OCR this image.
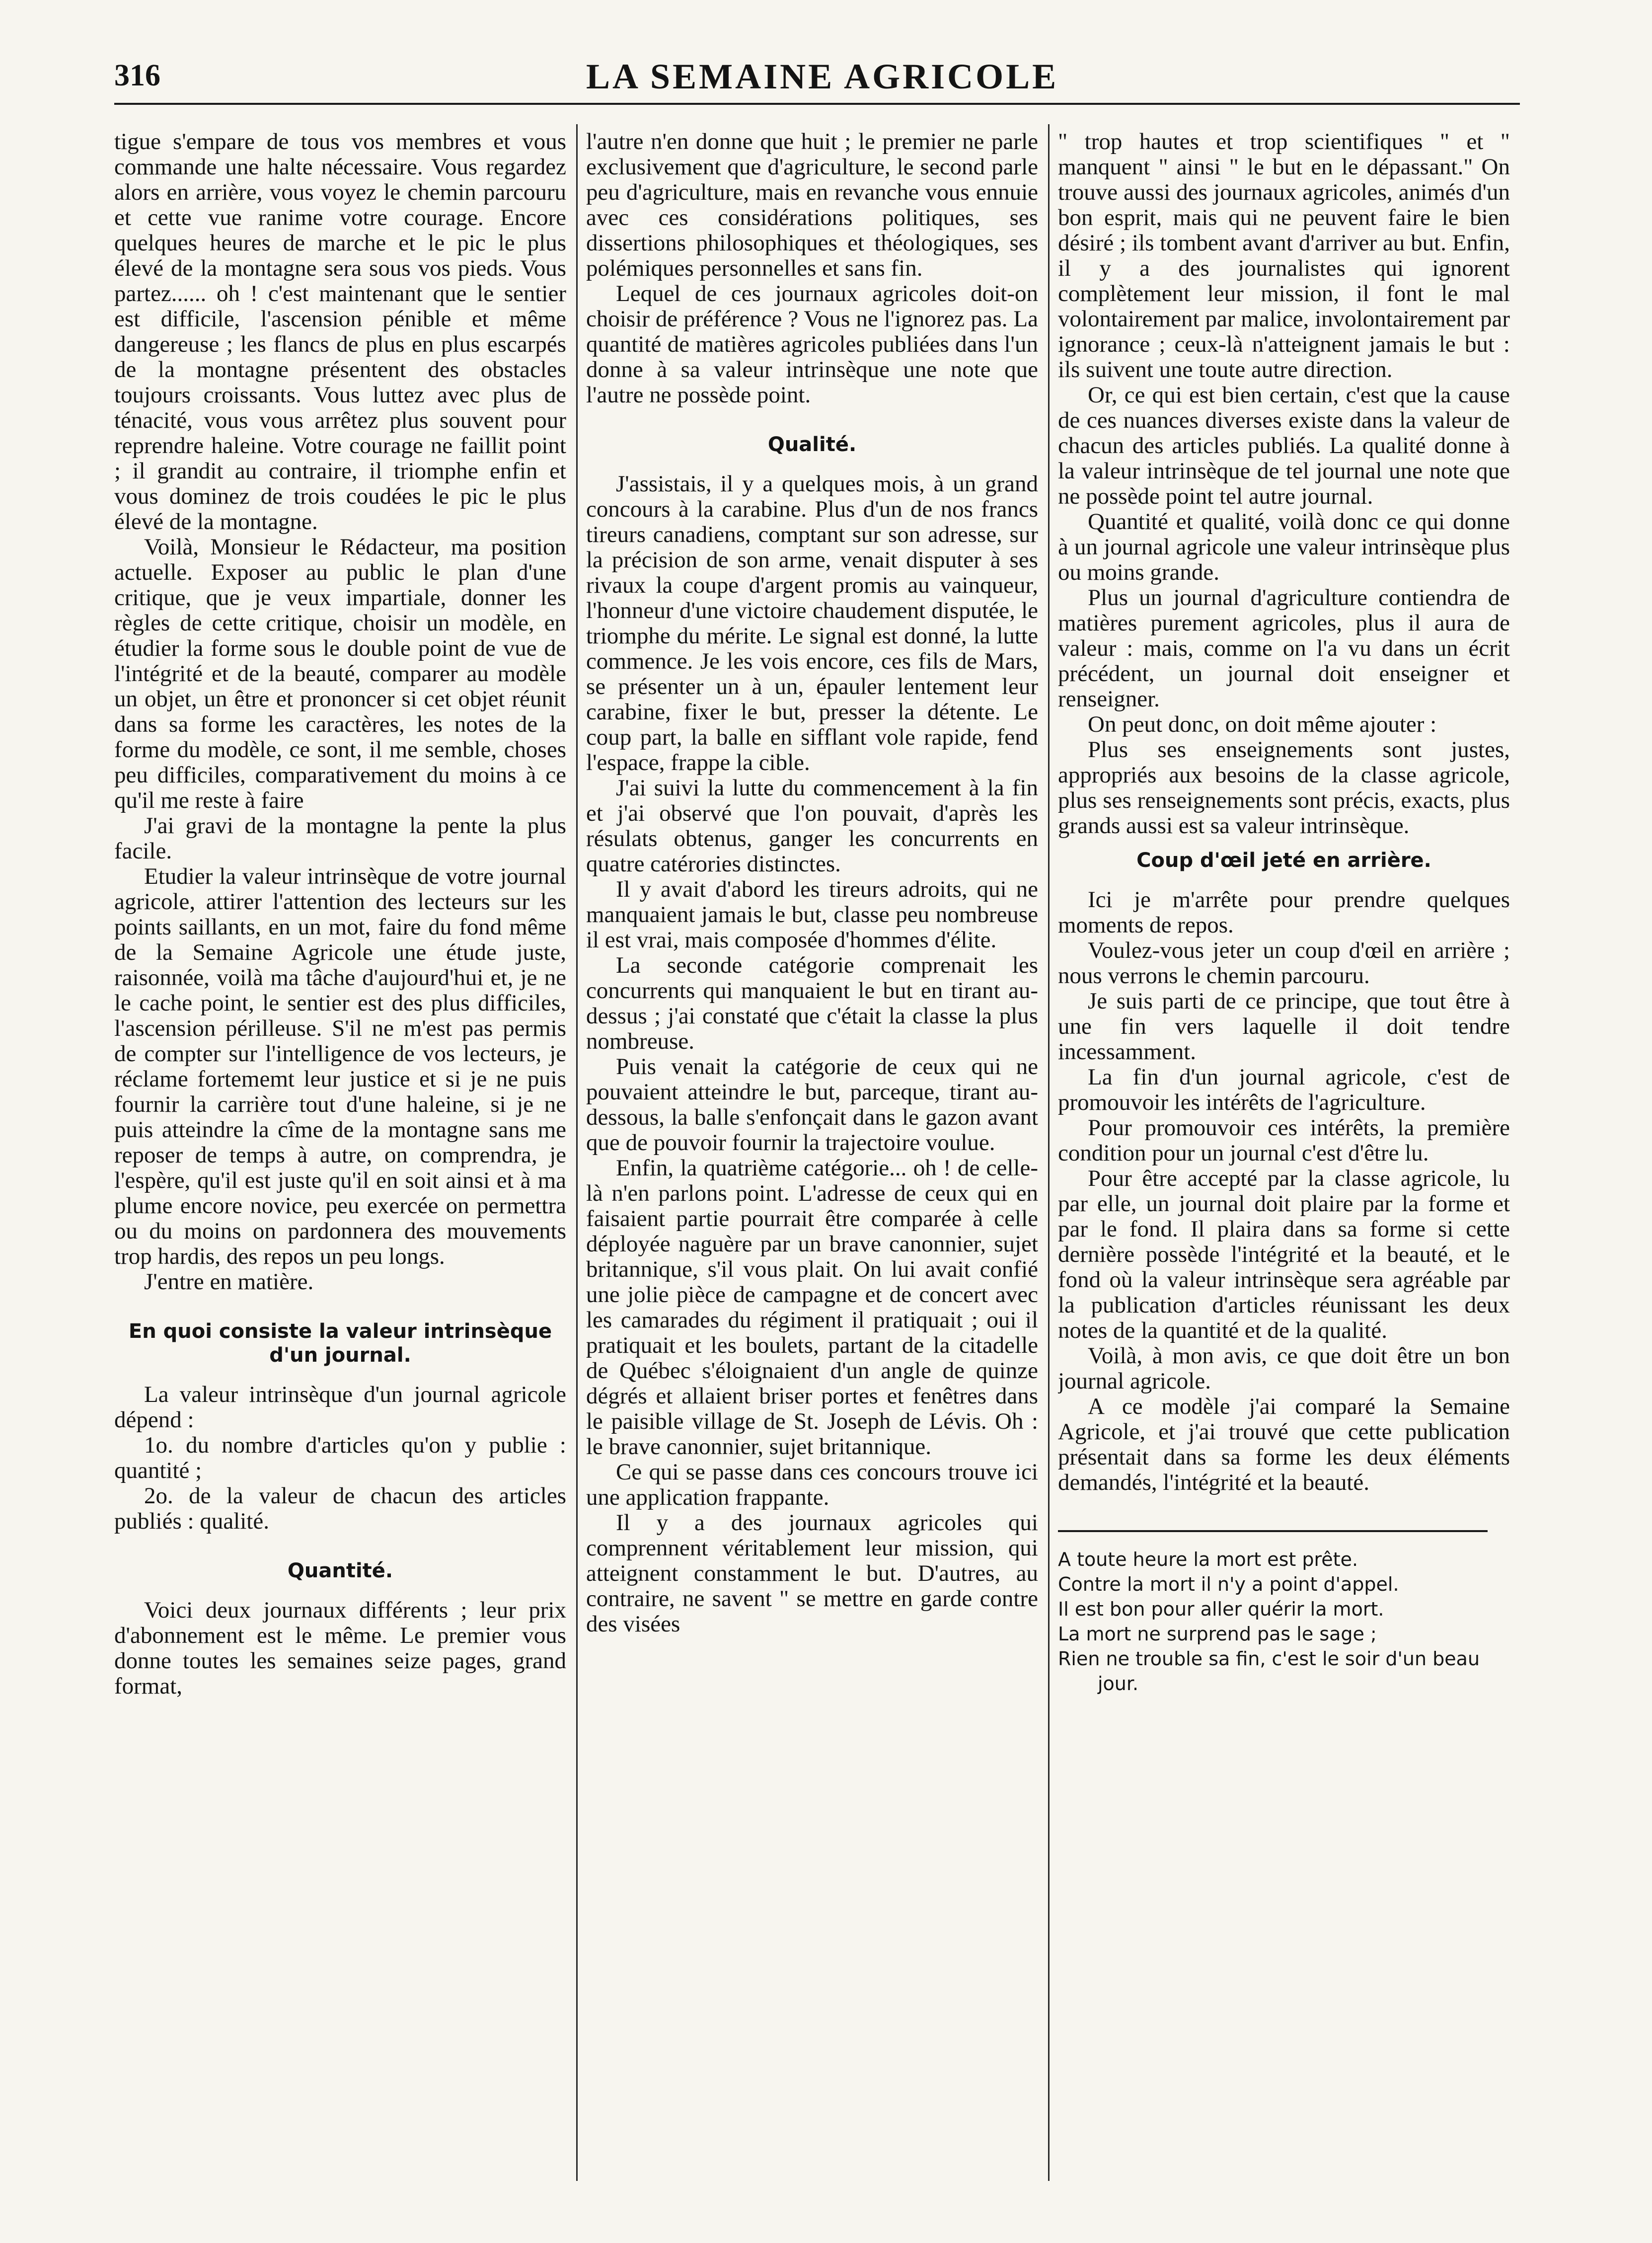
316	LA SEMAINE AGRICOLE

tigue s'empare de tous vos membres et vous commande une halte nécessaire. Vous regardez alors en arrière, vous voyez le chemin parcouru et cette vue ranime votre courage. Encore quelques heures de marche et le pic le plus élevé de la montagne sera sous vos pieds. Vous partez...... oh ! c'est maintenant que le sentier est difficile, l'ascension pénible et même dangereuse ; les flancs de plus en plus escarpés de la montagne présentent des obstacles toujours croissants. Vous luttez avec plus de ténacité, vous vous arrêtez plus souvent pour reprendre haleine. Votre courage ne faillit point ; il grandit au contraire, il triomphe enfin et vous dominez de trois coudées le pic le plus élevé de la montagne.

Voilà, Monsieur le Rédacteur, ma position actuelle. Exposer au public le plan d'une critique, que je veux impartiale, donner les règles de cette critique, choisir un modèle, en étudier la forme sous le double point de vue de l'intégrité et de la beauté, comparer au modèle un objet, un être et prononcer si cet objet réunit dans sa forme les caractères, les notes de la forme du modèle, ce sont, il me semble, choses peu difficiles, comparativement du moins à ce qu'il me reste à faire

J'ai gravi de la montagne la pente la plus facile.

Etudier la valeur intrinsèque de votre journal agricole, attirer l'attention des lecteurs sur les points saillants, en un mot, faire du fond même de la Semaine Agricole une étude juste, raisonnée, voilà ma tâche d'aujourd'hui et, je ne le cache point, le sentier est des plus difficiles, l'ascension périlleuse. S'il ne m'est pas permis de compter sur l'intelligence de vos lecteurs, je réclame fortememt leur justice et si je ne puis fournir la carrière tout d'une haleine, si je ne puis atteindre la cîme de la montagne sans me reposer de temps à autre, on comprendra, je l'espère, qu'il est juste qu'il en soit ainsi et à ma plume encore novice, peu exercée on permettra ou du moins on pardonnera des mouvements trop hardis, des repos un peu longs.

J'entre en matière.

En quoi consiste la valeur intrinsèque d'un journal.

La valeur intrinsèque d'un journal agricole dépend :

1o. du nombre d'articles qu'on y publie : quantité ;

2o. de la valeur de chacun des articles publiés : qualité.

Quantité.

Voici deux journaux différents ; leur prix d'abonnement est le même. Le premier vous donne toutes les semaines seize pages, grand format,

l'autre n'en donne que huit ; le premier ne parle exclusivement que d'agriculture, le second parle peu d'agriculture, mais en revanche vous ennuie avec ces considérations politiques, ses dissertions philosophiques et théologiques, ses polémiques personnelles et sans fin.

Lequel de ces journaux agricoles doit-on choisir de préférence ? Vous ne l'ignorez pas. La quantité de matières agricoles publiées dans l'un donne à sa valeur intrinsèque une note que l'autre ne possède point.

Qualité.

J'assistais, il y a quelques mois, à un grand concours à la carabine. Plus d'un de nos francs tireurs canadiens, comptant sur son adresse, sur la précision de son arme, venait disputer à ses rivaux la coupe d'argent promis au vainqueur, l'honneur d'une victoire chaudement disputée, le triomphe du mérite. Le signal est donné, la lutte commence. Je les vois encore, ces fils de Mars, se présenter un à un, épauler lentement leur carabine, fixer le but, presser la détente. Le coup part, la balle en sifflant vole rapide, fend l'espace, frappe la cible.

J'ai suivi la lutte du commencement à la fin et j'ai observé que l'on pouvait, d'après les résulats obtenus, ganger les concurrents en quatre catérories distinctes.

Il y avait d'abord les tireurs adroits, qui ne manquaient jamais le but, classe peu nombreuse il est vrai, mais composée d'hommes d'élite.

La seconde catégorie comprenait les concurrents qui manquaient le but en tirant au-dessus ; j'ai constaté que c'était la classe la plus nombreuse.

Puis venait la catégorie de ceux qui ne pouvaient atteindre le but, parceque, tirant au-dessous, la balle s'enfonçait dans le gazon avant que de pouvoir fournir la trajectoire voulue.

Enfin, la quatrième catégorie... oh ! de celle-là n'en parlons point. L'adresse de ceux qui en faisaient partie pourrait être comparée à celle déployée naguère par un brave canonnier, sujet britannique, s'il vous plait. On lui avait confié une jolie pièce de campagne et de concert avec les camarades du régiment il pratiquait ; oui il pratiquait et les boulets, partant de la citadelle de Québec s'éloignaient d'un angle de quinze dégrés et allaient briser portes et fenêtres dans le paisible village de St. Joseph de Lévis. Oh : le brave canonnier, sujet britannique.

Ce qui se passe dans ces concours trouve ici une application frappante.

Il y a des journaux agricoles qui comprennent véritablement leur mission, qui atteignent constamment le but. D'autres, au contraire, ne savent " se mettre en garde contre des visées

" trop hautes et trop scientifiques " et " manquent " ainsi " le but en le dépassant." On trouve aussi des journaux agricoles, animés d'un bon esprit, mais qui ne peuvent faire le bien désiré ; ils tombent avant d'arriver au but. Enfin, il y a des journalistes qui ignorent complètement leur mission, il font le mal volontairement par malice, involontairement par ignorance ; ceux-là n'atteignent jamais le but : ils suivent une toute autre direction.

Or, ce qui est bien certain, c'est que la cause de ces nuances diverses existe dans la valeur de chacun des articles publiés. La qualité donne à la valeur intrinsèque de tel journal une note que ne possède point tel autre journal.

Quantité et qualité, voilà donc ce qui donne à un journal agricole une valeur intrinsèque plus ou moins grande.

Plus un journal d'agriculture contiendra de matières purement agricoles, plus il aura de valeur : mais, comme on l'a vu dans un écrit précédent, un journal doit enseigner et renseigner.

On peut donc, on doit même ajouter :

Plus ses enseignements sont justes, appropriés aux besoins de la classe agricole, plus ses renseignements sont précis, exacts, plus grands aussi est sa valeur intrinsèque.

Coup d'œil jeté en arrière.

Ici je m'arrête pour prendre quelques moments de repos.

Voulez-vous jeter un coup d'œil en arrière ; nous verrons le chemin parcouru.

Je suis parti de ce principe, que tout être à une fin vers laquelle il doit tendre incessamment.

La fin d'un journal agricole, c'est de promouvoir les intérêts de l'agriculture.

Pour promouvoir ces intérêts, la première condition pour un journal c'est d'être lu.

Pour être accepté par la classe agricole, lu par elle, un journal doit plaire par la forme et par le fond. Il plaira dans sa forme si cette dernière possède l'intégrité et la beauté, et le fond où la valeur intrinsèque sera agréable par la publication d'articles réunissant les deux notes de la quantité et de la qualité.

Voilà, à mon avis, ce que doit être un bon journal agricole.

A ce modèle j'ai comparé la Semaine Agricole, et j'ai trouvé que cette publication présentait dans sa forme les deux éléments demandés, l'intégrité et la beauté.

A toute heure la mort est prête.

Contre la mort il n'y a point d'appel.

Il est bon pour aller quérir la mort.

La mort ne surprend pas le sage ;

Rien ne trouble sa fin, c'est le soir d'un beau

jour.
